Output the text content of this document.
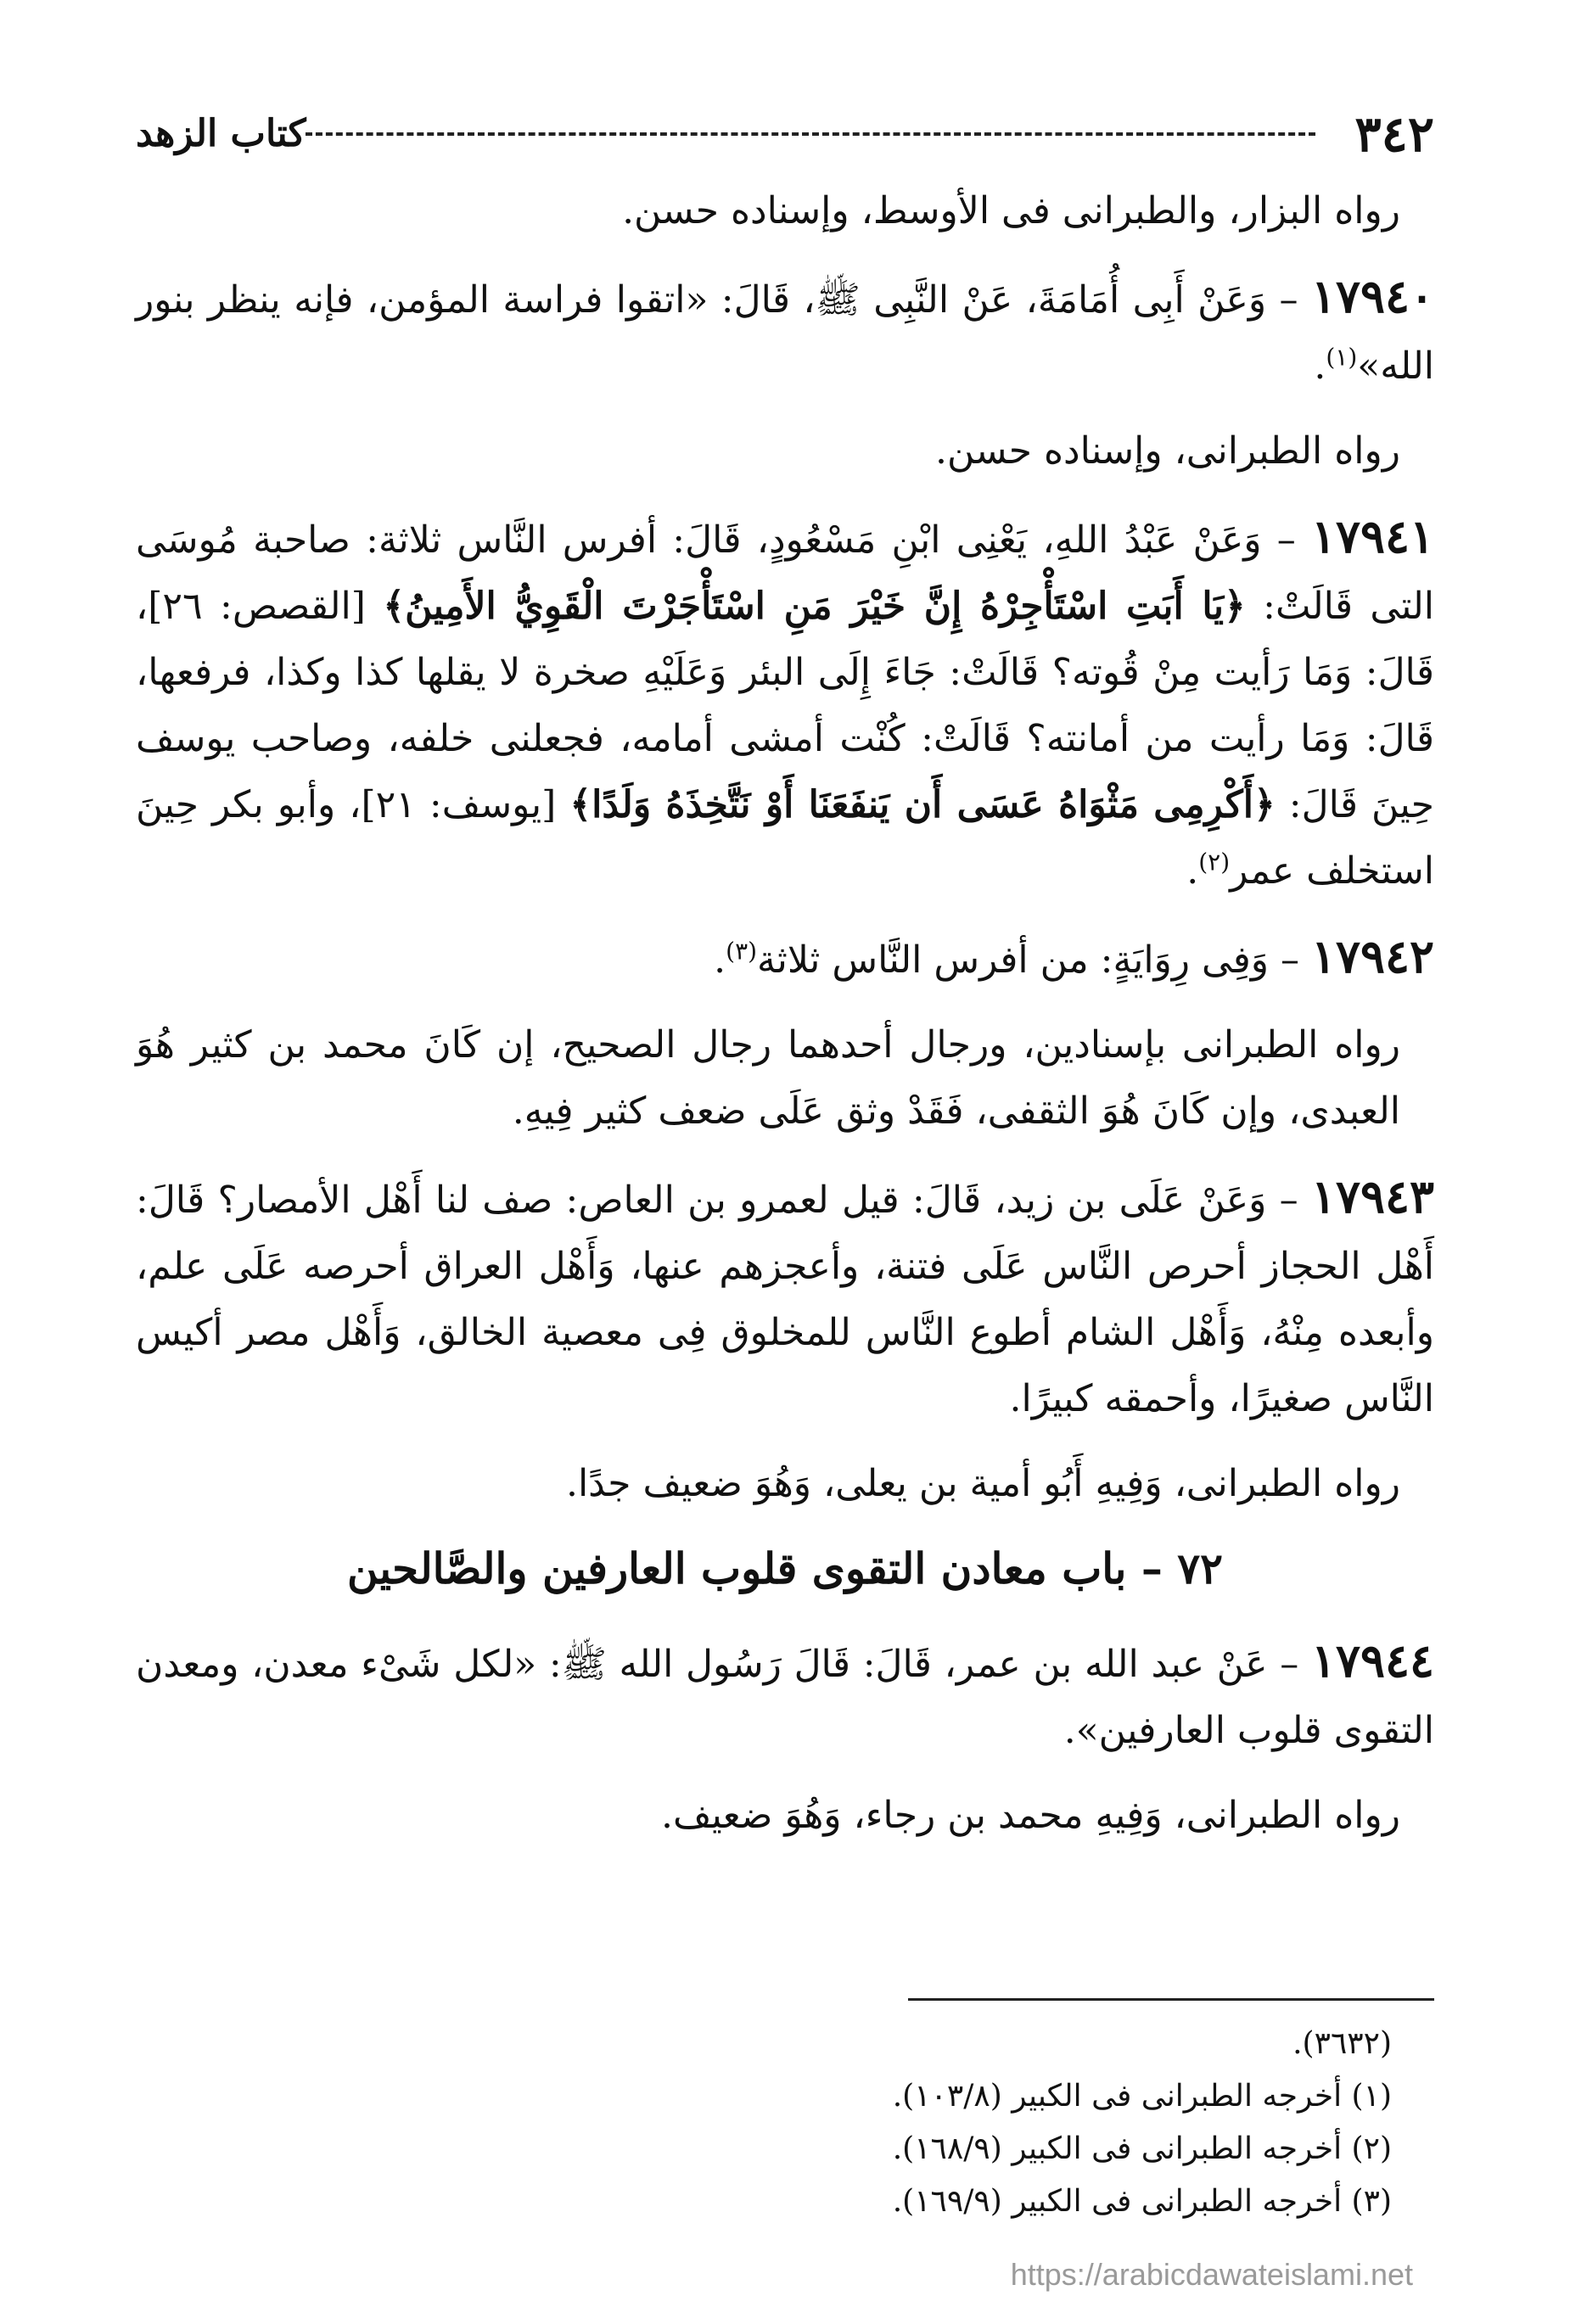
٣٤٢
كتاب الزهد

رواه البزار، والطبرانى فى الأوسط، وإسناده حسن.

١٧٩٤٠ – وَعَنْ أَبِى أُمَامَةَ، عَنْ النَّبِى ﷺ، قَالَ: «اتقوا فراسة المؤمن، فإنه ينظر بنور الله»$^{(١)}$.

رواه الطبرانى، وإسناده حسن.

١٧٩٤١ – وَعَنْ عَبْدُ اللهِ، يَعْنِى ابْنِ مَسْعُودٍ، قَالَ: أفرس النَّاس ثلاثة: صاحبة مُوسَى التى قَالَتْ: ﴿يَا أَبَتِ اسْتَأْجِرْهُ إِنَّ خَيْرَ مَنِ اسْتَأْجَرْتَ الْقَوِيُّ الأَمِينُ﴾ [القصص: ٢٦]، قَالَ: وَمَا رَأيت مِنْ قُوته؟ قَالَتْ: جَاءَ إِلَى البئر وَعَلَيْهِ صخرة لا يقلها كذا وكذا، فرفعها، قَالَ: وَمَا رأيت من أمانته؟ قَالَتْ: كُنْت أمشى أمامه، فجعلنى خلفه، وصاحب يوسف حِينَ قَالَ: ﴿أَكْرِمِى مَثْوَاهُ عَسَى أَن يَنفَعَنَا أَوْ نَتَّخِذَهُ وَلَدًا﴾ [يوسف: ٢١]، وأبو بكر حِينَ استخلف عمر$^{(٢)}$.

١٧٩٤٢ – وَفِى رِوَايَةٍ: من أفرس النَّاس ثلاثة$^{(٣)}$.

رواه الطبرانى بإسنادين، ورجال أحدهما رجال الصحيح، إن كَانَ محمد بن كثير هُوَ العبدى، وإن كَانَ هُوَ الثقفى، فَقَدْ وثق عَلَى ضعف كثير فِيهِ.

١٧٩٤٣ – وَعَنْ عَلَى بن زيد، قَالَ: قيل لعمرو بن العاص: صف لنا أَهْل الأمصار؟ قَالَ: أَهْل الحجاز أحرص النَّاس عَلَى فتنة، وأعجزهم عنها، وَأَهْل العراق أحرصه عَلَى علم، وأبعده مِنْهُ، وَأَهْل الشام أطوع النَّاس للمخلوق فِى معصية الخالق، وَأَهْل مصر أكيس النَّاس صغيرًا، وأحمقه كبيرًا.

رواه الطبرانى، وَفِيهِ أَبُو أمية بن يعلى، وَهُوَ ضعيف جدًا.

٧٢ – باب معادن التقوى قلوب العارفين والصَّالحين

١٧٩٤٤ – عَنْ عبد الله بن عمر، قَالَ: قَالَ رَسُول الله ﷺ: «لكل شَىْء معدن، ومعدن التقوى قلوب العارفين».

رواه الطبرانى، وَفِيهِ محمد بن رجاء، وَهُوَ ضعيف.

(٣٦٣٢).

(١) أخرجه الطبرانى فى الكبير (١٠٣/٨).

(٢) أخرجه الطبرانى فى الكبير (١٦٨/٩).

(٣) أخرجه الطبرانى فى الكبير (١٦٩/٩).

https://arabicdawateislami.net
